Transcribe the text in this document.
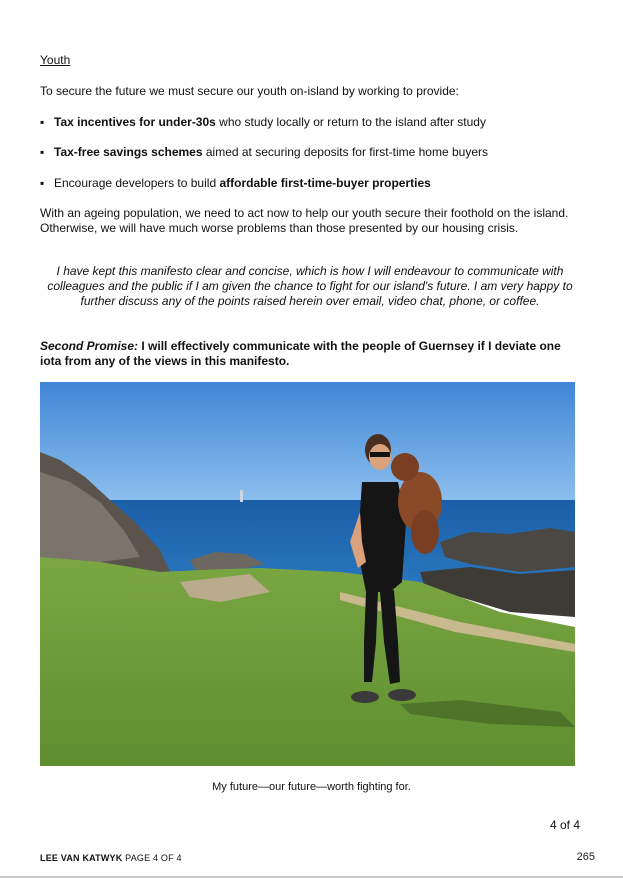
Youth
To secure the future we must secure our youth on-island by working to provide:
▪ Tax incentives for under-30s who study locally or return to the island after study
▪ Tax-free savings schemes aimed at securing deposits for first-time home buyers
▪ Encourage developers to build affordable first-time-buyer properties
With an ageing population, we need to act now to help our youth secure their foothold on the island. Otherwise, we will have much worse problems than those presented by our housing crisis.
I have kept this manifesto clear and concise, which is how I will endeavour to communicate with colleagues and the public if I am given the chance to fight for our island's future. I am very happy to further discuss any of the points raised herein over email, video chat, phone, or coffee.
Second Promise: I will effectively communicate with the people of Guernsey if I deviate one iota from any of the views in this manifesto.
My future—our future—worth fighting for.
4 of 4
LEE VAN KATWYK PAGE 4 OF 4	265
